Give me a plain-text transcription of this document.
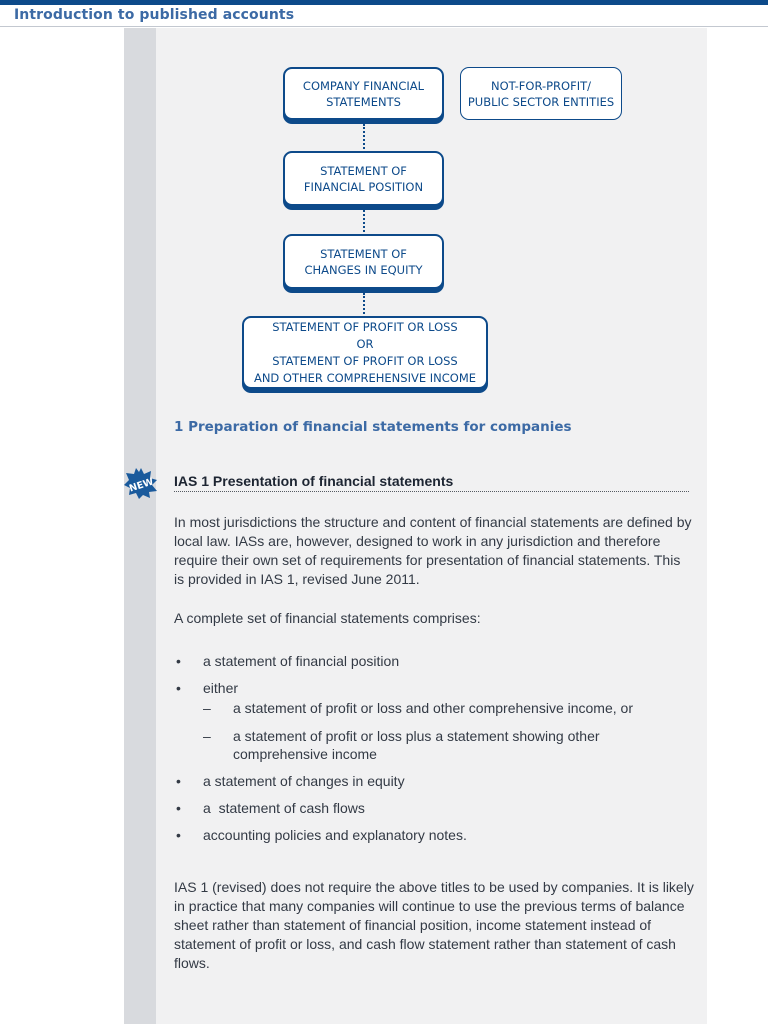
Introduction to published accounts
COMPANY FINANCIAL
STATEMENTS
NOT-FOR-PROFIT/
PUBLIC SECTOR ENTITIES
STATEMENT OF
FINANCIAL POSITION
STATEMENT OF
CHANGES IN EQUITY
STATEMENT OF PROFIT OR LOSS
OR
STATEMENT OF PROFIT OR LOSS
AND OTHER COMPREHENSIVE INCOME
1 Preparation of financial statements for companies
NEW IAS 1 Presentation of financial statements

In most jurisdictions the structure and content of financial statements are defined by local law. IASs are, however, designed to work in any jurisdiction and therefore require their own set of requirements for presentation of financial statements. This is provided in IAS 1, revised June 2011.

A complete set of financial statements comprises:

• a statement of financial position
• either
– a statement of profit or loss and other comprehensive income, or
– a statement of profit or loss plus a statement showing other comprehensive income
• a statement of changes in equity
• a  statement of cash flows
• accounting policies and explanatory notes.

IAS 1 (revised) does not require the above titles to be used by companies. It is likely in practice that many companies will continue to use the previous terms of balance sheet rather than statement of financial position, income statement instead of statement of profit or loss, and cash flow statement rather than statement of cash flows.
